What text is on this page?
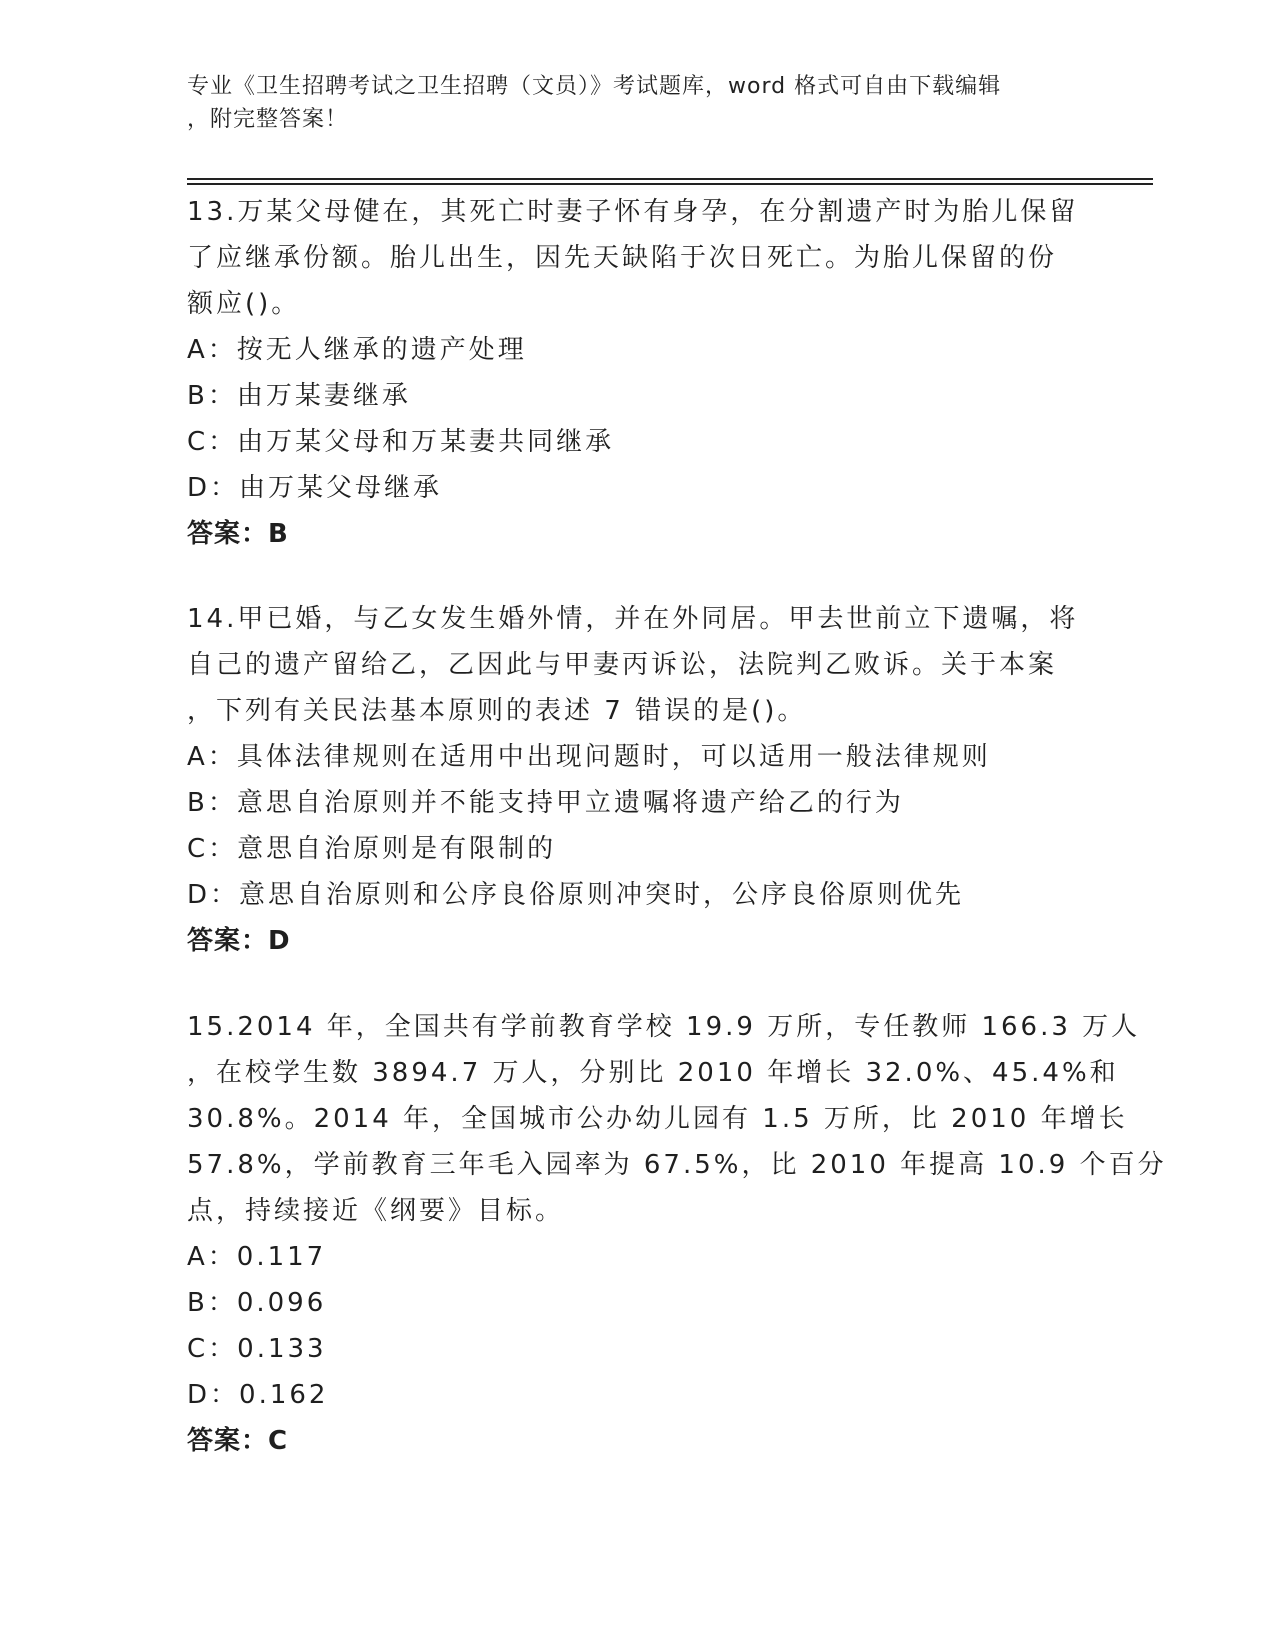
专业《卫生招聘考试之卫生招聘（文员）》考试题库，word 格式可自由下载编辑
，附完整答案！
13.万某父母健在，其死亡时妻子怀有身孕，在分割遗产时为胎儿保留
了应继承份额。胎儿出生，因先天缺陷于次日死亡。为胎儿保留的份
额应()。
A：按无人继承的遗产处理
B：由万某妻继承
C：由万某父母和万某妻共同继承
D：由万某父母继承
答案：B
14.甲已婚，与乙女发生婚外情，并在外同居。甲去世前立下遗嘱，将
自己的遗产留给乙，乙因此与甲妻丙诉讼，法院判乙败诉。关于本案
，下列有关民法基本原则的表述 7 错误的是()。
A：具体法律规则在适用中出现问题时，可以适用一般法律规则
B：意思自治原则并不能支持甲立遗嘱将遗产给乙的行为
C：意思自治原则是有限制的
D：意思自治原则和公序良俗原则冲突时，公序良俗原则优先
答案：D
15.2014 年，全国共有学前教育学校 19.9 万所，专任教师 166.3 万人
，在校学生数 3894.7 万人，分别比 2010 年增长 32.0%、45.4%和
30.8%。2014 年，全国城市公办幼儿园有 1.5 万所，比 2010 年增长
57.8%，学前教育三年毛入园率为 67.5%，比 2010 年提高 10.9 个百分
点，持续接近《纲要》目标。
A：0.117
B：0.096
C：0.133
D：0.162
答案：C
